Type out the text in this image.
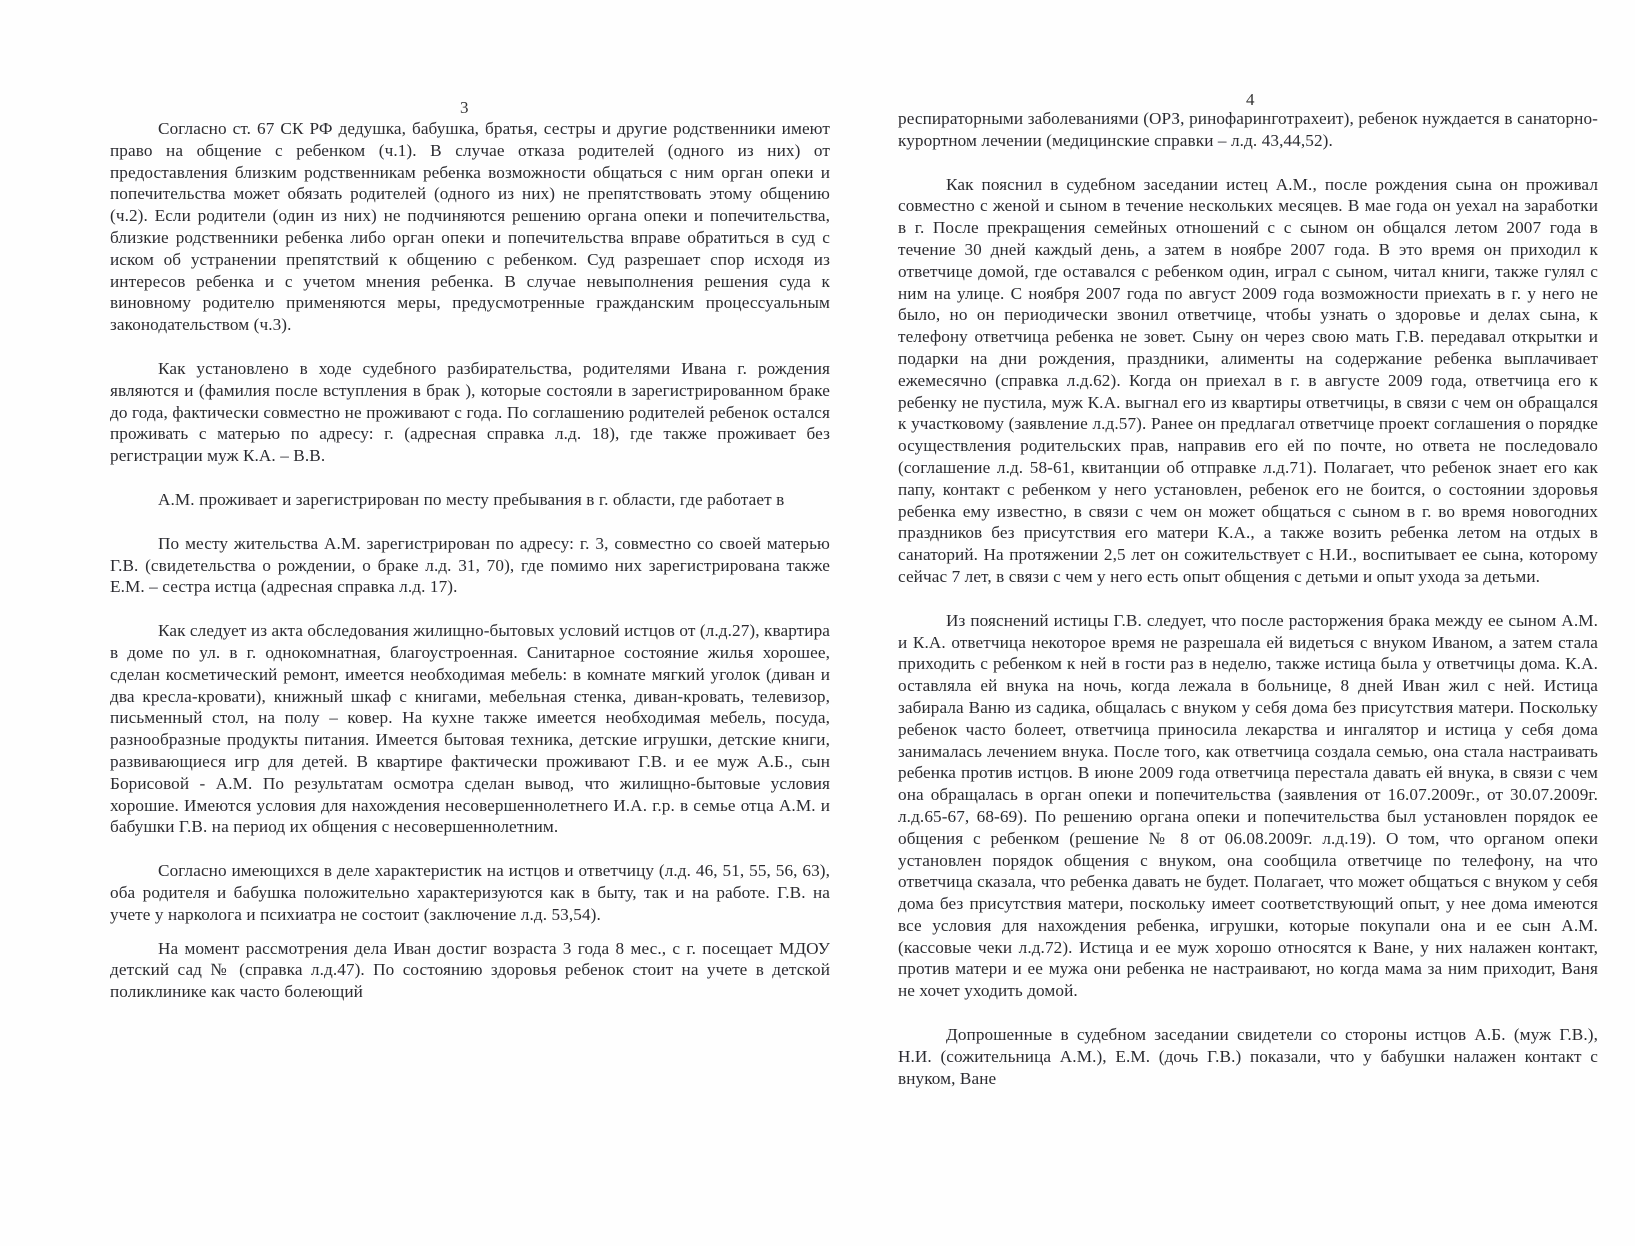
3

Согласно ст. 67 СК РФ дедушка, бабушка, братья, сестры и другие родственники имеют право на общение с ребенком (ч.1). В случае отказа родителей (одного из них) от предоставления близким родственникам ребенка возможности общаться с ним орган опеки и попечительства может обязать родителей (одного из них) не препятствовать этому общению (ч.2). Если родители (один из них) не подчиняются решению органа опеки и попечительства, близкие родственники ребенка либо орган опеки и попечительства вправе обратиться в суд с иском об устранении препятствий к общению с ребенком. Суд разрешает спор исходя из интересов ребенка и с учетом мнения ребенка. В случае невыполнения решения суда к виновному родителю применяются меры, предусмотренные гражданским процессуальным законодательством (ч.3).

Как установлено в ходе судебного разбирательства, родителями Ивана г. рождения являются и (фамилия после вступления в брак ), которые состояли в зарегистрированном браке до года, фактически совместно не проживают с года. По соглашению родителей ребенок остался проживать с матерью по адресу: г. (адресная справка л.д. 18), где также проживает без регистрации муж К.А. – В.В.

А.М. проживает и зарегистрирован по месту пребывания в г. области, где работает в

По месту жительства А.М. зарегистрирован по адресу: г. 3, совместно со своей матерью Г.В. (свидетельства о рождении, о браке л.д. 31, 70), где помимо них зарегистрирована также Е.М. – сестра истца (адресная справка л.д. 17).

Как следует из акта обследования жилищно-бытовых условий истцов от (л.д.27), квартира в доме по ул. в г. однокомнатная, благоустроенная. Санитарное состояние жилья хорошее, сделан косметический ремонт, имеется необходимая мебель: в комнате мягкий уголок (диван и два кресла-кровати), книжный шкаф с книгами, мебельная стенка, диван-кровать, телевизор, письменный стол, на полу – ковер. На кухне также имеется необходимая мебель, посуда, разнообразные продукты питания. Имеется бытовая техника, детские игрушки, детские книги, развивающиеся игр для детей. В квартире фактически проживают Г.В. и ее муж А.Б., сын Борисовой - А.М. По результатам осмотра сделан вывод, что жилищно-бытовые условия хорошие. Имеются условия для нахождения несовершеннолетнего И.А. г.р. в семье отца А.М. и бабушки Г.В. на период их общения с несовершеннолетним.

Согласно имеющихся в деле характеристик на истцов и ответчицу (л.д. 46, 51, 55, 56, 63), оба родителя и бабушка положительно характеризуются как в быту, так и на работе. Г.В. на учете у нарколога и психиатра не состоит (заключение л.д. 53,54).

На момент рассмотрения дела Иван достиг возраста 3 года 8 мес., с г. посещает МДОУ детский сад № (справка л.д.47). По состоянию здоровья ребенок стоит на учете в детской поликлинике как часто болеющий

4

респираторными заболеваниями (ОРЗ, ринофаринготрахеит), ребенок нуждается в санаторно-курортном лечении (медицинские справки – л.д. 43,44,52).

Как пояснил в судебном заседании истец А.М., после рождения сына он проживал совместно с женой и сыном в течение нескольких месяцев. В мае года он уехал на заработки в г. После прекращения семейных отношений с с сыном он общался летом 2007 года в течение 30 дней каждый день, а затем в ноябре 2007 года. В это время он приходил к ответчице домой, где оставался с ребенком один, играл с сыном, читал книги, также гулял с ним на улице. С ноября 2007 года по август 2009 года возможности приехать в г. у него не было, но он периодически звонил ответчице, чтобы узнать о здоровье и делах сына, к телефону ответчица ребенка не зовет. Сыну он через свою мать Г.В. передавал открытки и подарки на дни рождения, праздники, алименты на содержание ребенка выплачивает ежемесячно (справка л.д.62). Когда он приехал в г. в августе 2009 года, ответчица его к ребенку не пустила, муж К.А. выгнал его из квартиры ответчицы, в связи с чем он обращался к участковому (заявление л.д.57). Ранее он предлагал ответчице проект соглашения о порядке осуществления родительских прав, направив его ей по почте, но ответа не последовало (соглашение л.д. 58-61, квитанции об отправке л.д.71). Полагает, что ребенок знает его как папу, контакт с ребенком у него установлен, ребенок его не боится, о состоянии здоровья ребенка ему известно, в связи с чем он может общаться с сыном в г. во время новогодних праздников без присутствия его матери К.А., а также возить ребенка летом на отдых в санаторий. На протяжении 2,5 лет он сожительствует с Н.И., воспитывает ее сына, которому сейчас 7 лет, в связи с чем у него есть опыт общения с детьми и опыт ухода за детьми.

Из пояснений истицы Г.В. следует, что после расторжения брака между ее сыном А.М. и К.А. ответчица некоторое время не разрешала ей видеться с внуком Иваном, а затем стала приходить с ребенком к ней в гости раз в неделю, также истица была у ответчицы дома. К.А. оставляла ей внука на ночь, когда лежала в больнице, 8 дней Иван жил с ней. Истица забирала Ваню из садика, общалась с внуком у себя дома без присутствия матери. Поскольку ребенок часто болеет, ответчица приносила лекарства и ингалятор и истица у себя дома занималась лечением внука. После того, как ответчица создала семью, она стала настраивать ребенка против истцов. В июне 2009 года ответчица перестала давать ей внука, в связи с чем она обращалась в орган опеки и попечительства (заявления от 16.07.2009г., от 30.07.2009г. л.д.65-67, 68-69). По решению органа опеки и попечительства был установлен порядок ее общения с ребенком (решение № 8 от 06.08.2009г. л.д.19). О том, что органом опеки установлен порядок общения с внуком, она сообщила ответчице по телефону, на что ответчица сказала, что ребенка давать не будет. Полагает, что может общаться с внуком у себя дома без присутствия матери, поскольку имеет соответствующий опыт, у нее дома имеются все условия для нахождения ребенка, игрушки, которые покупали она и ее сын А.М. (кассовые чеки л.д.72). Истица и ее муж хорошо относятся к Ване, у них налажен контакт, против матери и ее мужа они ребенка не настраивают, но когда мама за ним приходит, Ваня не хочет уходить домой.

Допрошенные в судебном заседании свидетели со стороны истцов А.Б. (муж Г.В.), Н.И. (сожительница А.М.), Е.М. (дочь Г.В.) показали, что у бабушки налажен контакт с внуком, Ване
